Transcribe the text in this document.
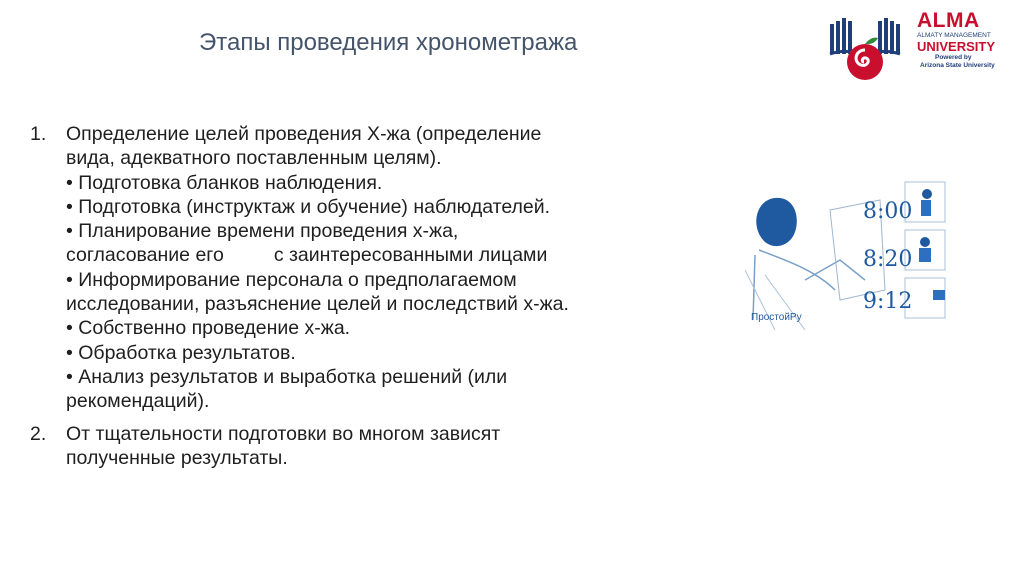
Этапы проведения хронометража
ALMA
ALMATY MANAGEMENT
UNIVERSITY
Powered by
Arizona State University
1. Определение целей проведения Х-жа (определение
вида, адекватного поставленным целям).
• Подготовка бланков наблюдения.
• Подготовка (инструктаж и обучение) наблюдателей.
• Планирование времени проведения х-жа,
согласование его	с заинтересованными лицами
• Информирование персонала о предполагаемом
исследовании, разъяснение целей и последствий х-жа.
• Собственно проведение х-жа.
• Обработка результатов.
• Анализ результатов и выработка решений (или
рекомендаций).
2. От тщательности подготовки во многом зависят
полученные результаты.
8:00
8:20
9:12
ПростойРу
